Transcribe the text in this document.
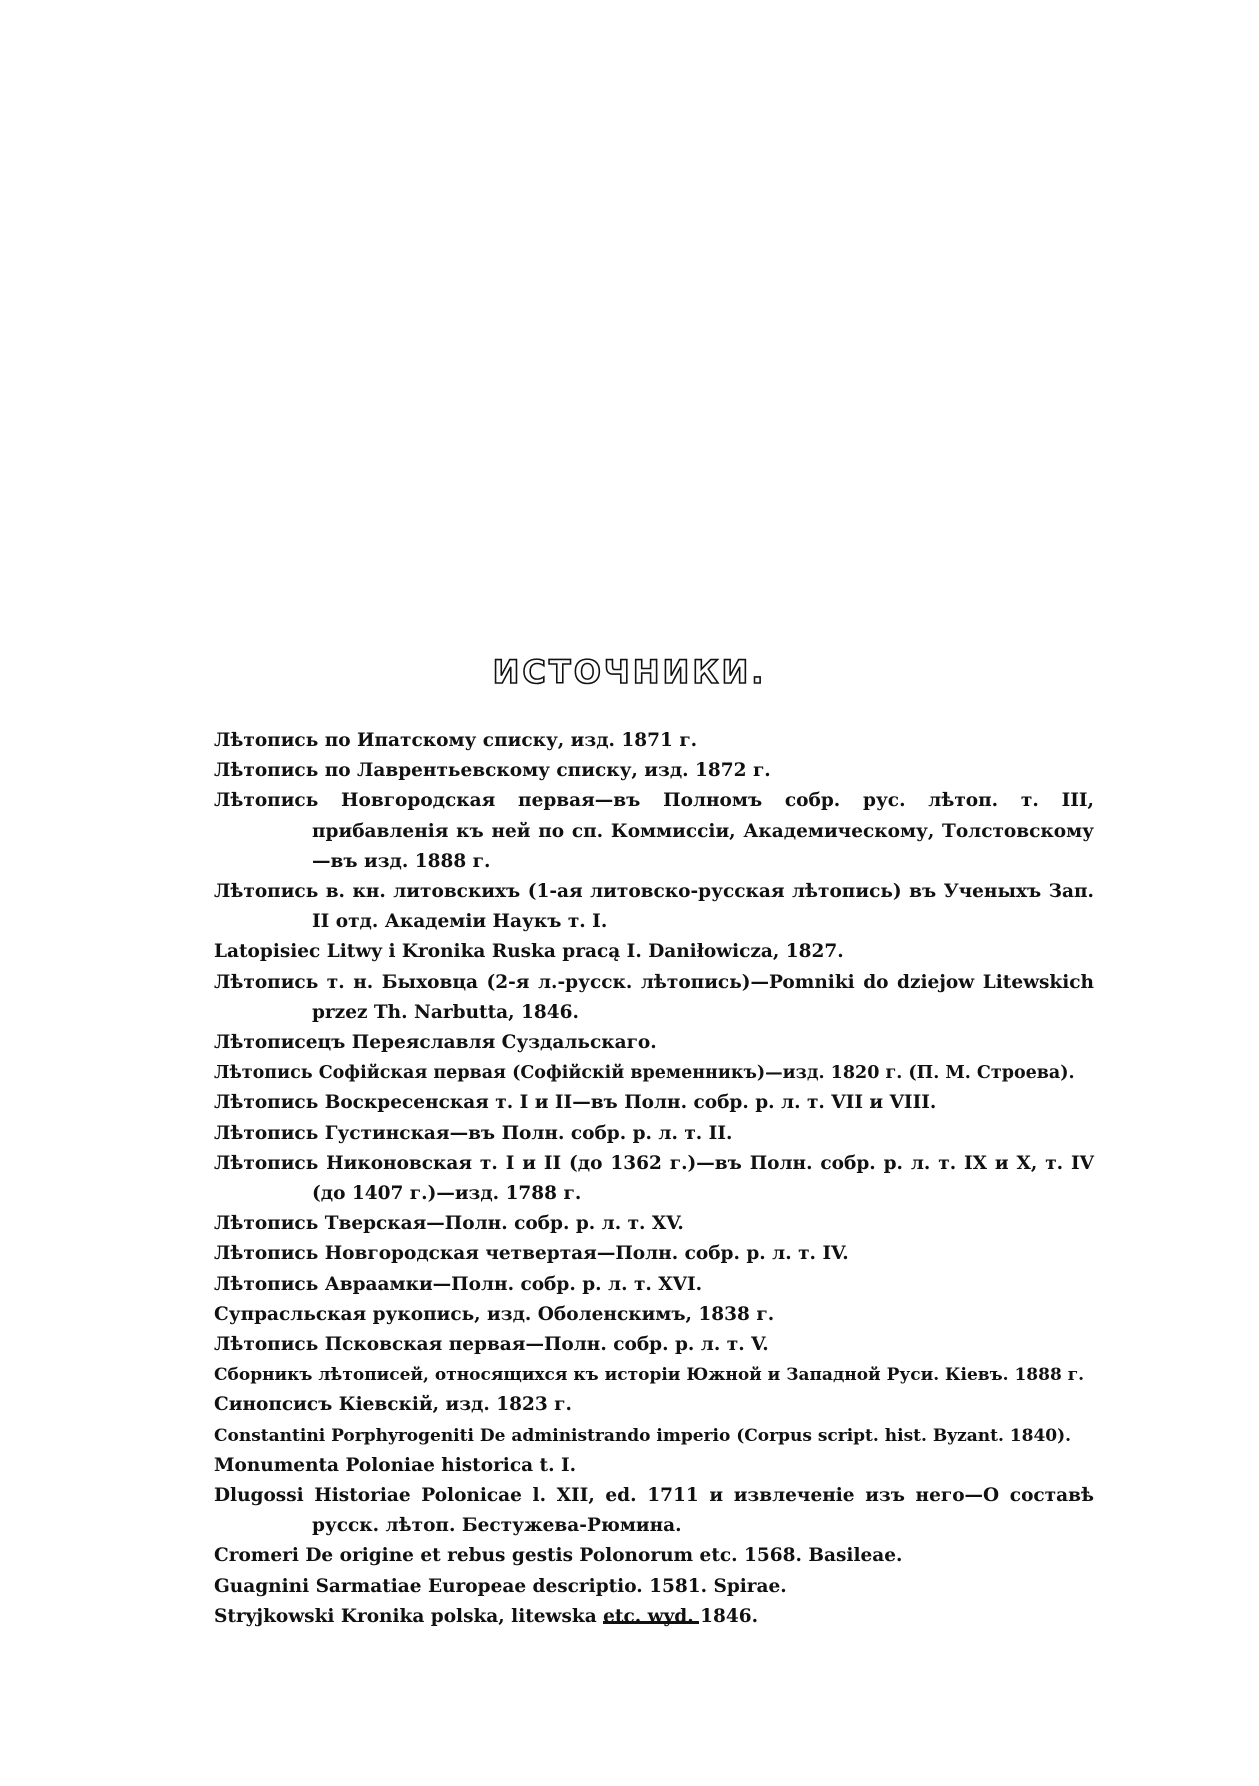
ИСТОЧНИКИ.
Лѣтопись по Ипатскому списку, изд. 1871 г.
Лѣтопись по Лаврентьевскому списку, изд. 1872 г.
Лѣтопись Новгородская первая—въ Полномъ собр. рус. лѣтоп. т. III, прибавленія къ ней по сп. Коммиссіи, Академическому, Толстовскому—въ изд. 1888 г.
Лѣтопись в. кн. литовскихъ (1-ая литовско-русская лѣтопись) въ Ученыхъ Зап. II отд. Академіи Наукъ т. I.
Latopisiec Litwy i Kronika Ruska pracą I. Daniłowicza, 1827.
Лѣтопись т. н. Быховца (2-я л.-русск. лѣтопись)—Pomniki do dziejow Litewskich przez Th. Narbutta, 1846.
Лѣтописецъ Переяславля Суздальскаго.
Лѣтопись Софійская первая (Софійскій временникъ)—изд. 1820 г. (П. М. Строева).
Лѣтопись Воскресенская т. I и II—въ Полн. собр. р. л. т. VII и VIII.
Лѣтопись Густинская—въ Полн. собр. р. л. т. II.
Лѣтопись Никоновская т. I и II (до 1362 г.)—въ Полн. собр. р. л. т. IX и X, т. IV (до 1407 г.)—изд. 1788 г.
Лѣтопись Тверская—Полн. собр. р. л. т. XV.
Лѣтопись Новгородская четвертая—Полн. собр. р. л. т. IV.
Лѣтопись Авраамки—Полн. собр. р. л. т. XVI.
Супрасльская рукопись, изд. Оболенскимъ, 1838 г.
Лѣтопись Псковская первая—Полн. собр. р. л. т. V.
Сборникъ лѣтописей, относящихся къ исторіи Южной и Западной Руси. Кіевъ. 1888 г.
Синопсисъ Кіевскій, изд. 1823 г.
Constantini Porphyrogeniti De administrando imperio (Corpus script. hist. Byzant. 1840).
Monumenta Poloniae historica t. I.
Dlugossi Historiae Polonicae l. XII, ed. 1711 и извлеченіе изъ него—О составѣ русск. лѣтоп. Бестужева-Рюмина.
Cromeri De origine et rebus gestis Polonorum etc. 1568. Basileae.
Guagnini Sarmatiae Europeae descriptio. 1581. Spirae.
Stryjkowski Kronika polska, litewska etc. wyd. 1846.
